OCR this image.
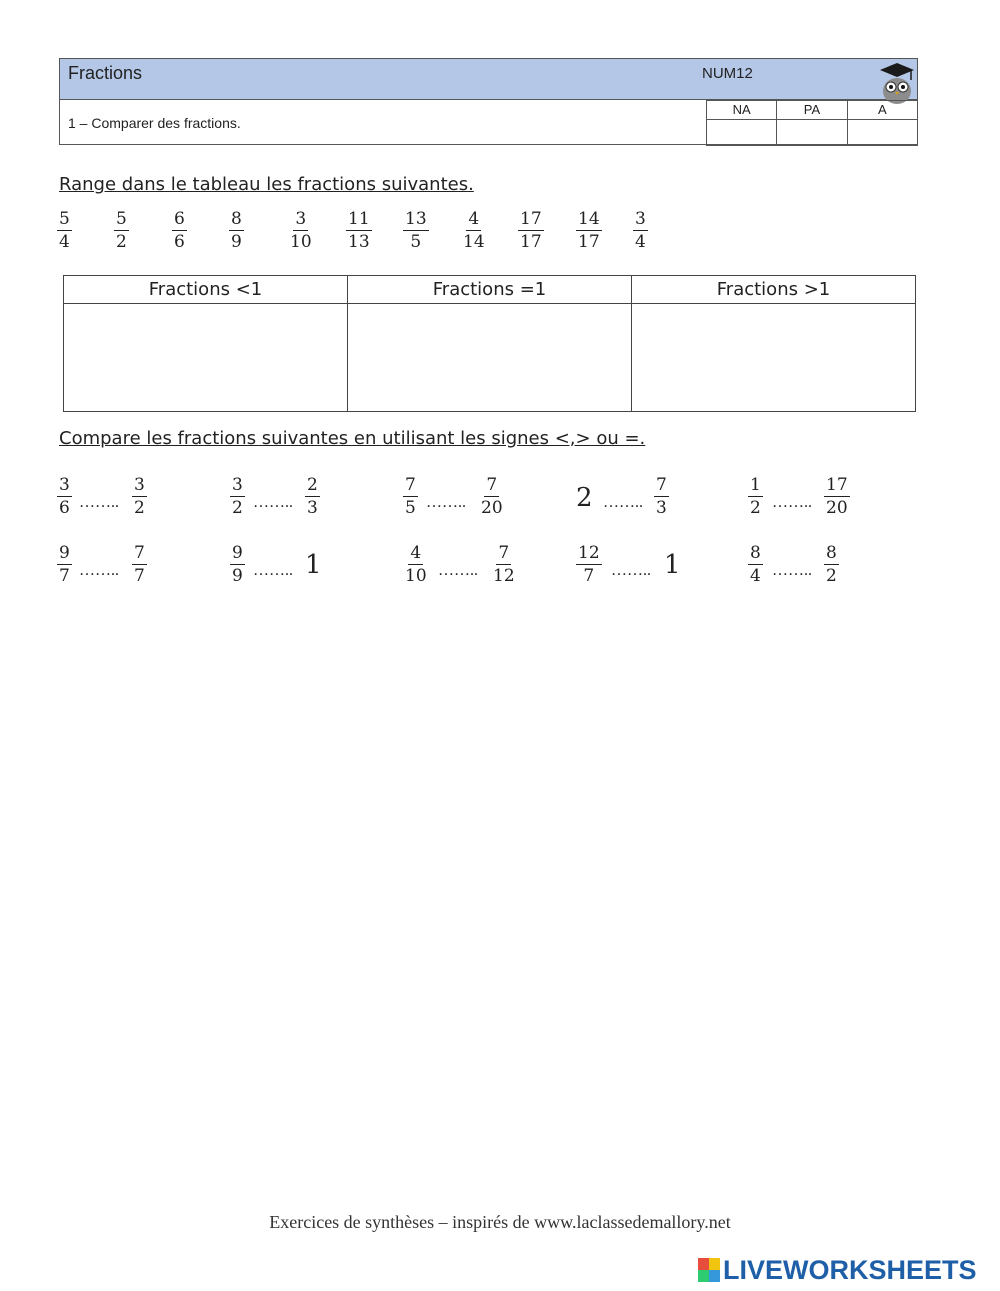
Fractions	NUM12
1 – Comparer des fractions.
NA	PA	A

Range dans le tableau les fractions suivantes.
$\frac{5}{4} \frac{5}{2}$	$\frac{6}{6} \frac{8}{9}$	$\frac{3}{10} \frac{11}{13} \frac{13}{5} \frac{4}{14} \frac{17}{17} \frac{14}{17} \frac{3}{4}$
Fractions <1	Fractions =1	Fractions >1

Compare les fractions suivantes en utilisant les signes <,> ou =.
$\frac{3}{6}$ …….. $\frac{3}{2}$	$\frac{3}{2}$ …….. $\frac{2}{3}$	$\frac{7}{5}$ …….. $\frac{7}{20}$	2 …….. $\frac{7}{3}$	$\frac{1}{2}$ …….. $\frac{17}{20}$
$\frac{9}{7}$ …….. $\frac{7}{7}$	$\frac{9}{9}$ …….. 1	$\frac{4}{10}$ …….. $\frac{7}{12}$	$\frac{12}{7}$ …….. 1	$\frac{8}{4}$ …….. $\frac{8}{2}$
Exercices de synthèses – inspirés de www.laclassedemallory.net
LIVEWORKSHEETS
